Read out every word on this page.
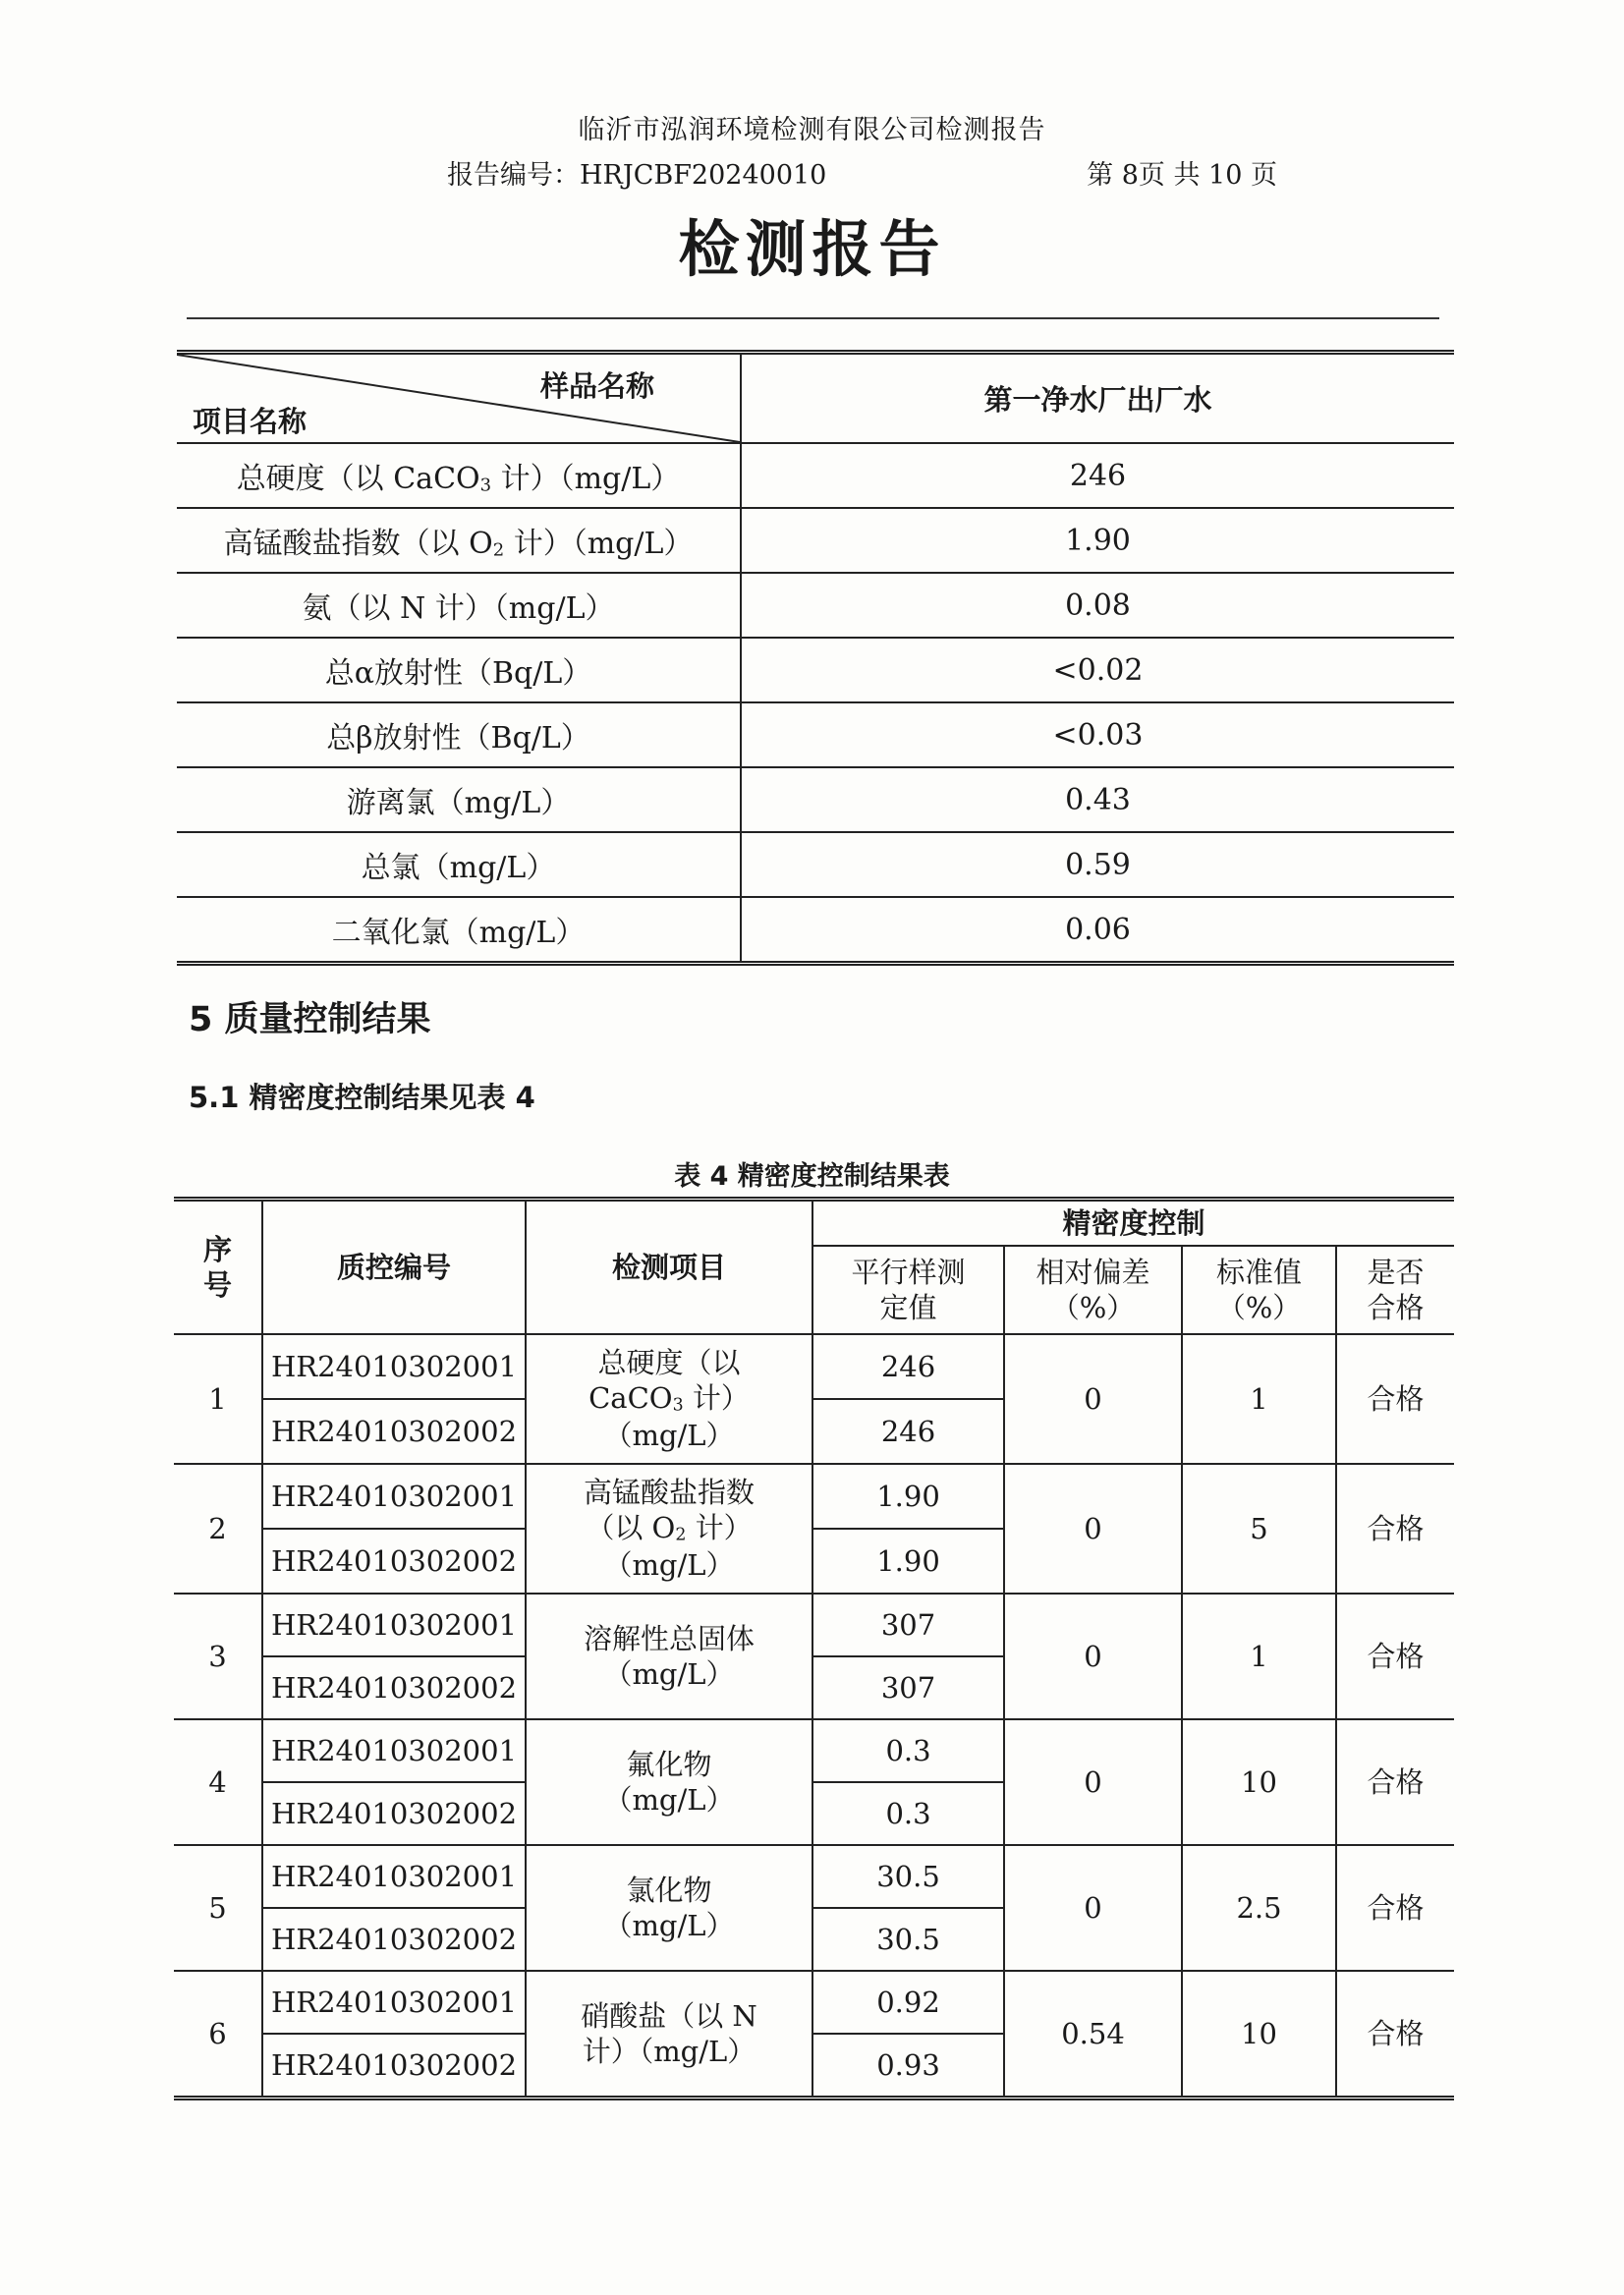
临沂市泓润环境检测有限公司检测报告
报告编号：HRJCBF20240010	第 8页 共 10 页
检测报告
样品名称
项目名称	第一净水厂出厂水
总硬度（以 CaCO$_3$ 计）（mg/L）	246
高锰酸盐指数（以 $O_2$ 计）（mg/L）	1.90
氨（以 N 计）（mg/L）	0.08
总α放射性（Bq/L）	<0.02
总β放射性（Bq/L）	<0.03
游离氯（mg/L）	0.43
总氯（mg/L）	0.59
二氧化氯（mg/L）	0.06
5 质量控制结果
5.1 精密度控制结果见表 4
表 4 精密度控制结果表
序号	质控编号	检测项目	精密度控制			
			平行样测定值	相对偏差（%）	标准值（%）	是否合格
1	HR24010302001	总硬度（以 CaCO$_3$ 计）（mg/L）	246	0	1	合格
	HR24010302002		246			
2	HR24010302001	高锰酸盐指数（以 $O_2$ 计）（mg/L）	1.90	0	5	合格
	HR24010302002		1.90			
3	HR24010302001	溶解性总固体（mg/L）	307	0	1	合格
	HR24010302002		307			
4	HR24010302001	氟化物（mg/L）	0.3	0	10	合格
	HR24010302002		0.3			
5	HR24010302001	氯化物（mg/L）	30.5	0	2.5	合格
	HR24010302002		30.5			
6	HR24010302001	硝酸盐（以 N 计）（mg/L）	0.92	0.54	10	合格
	HR24010302002		0.93			
